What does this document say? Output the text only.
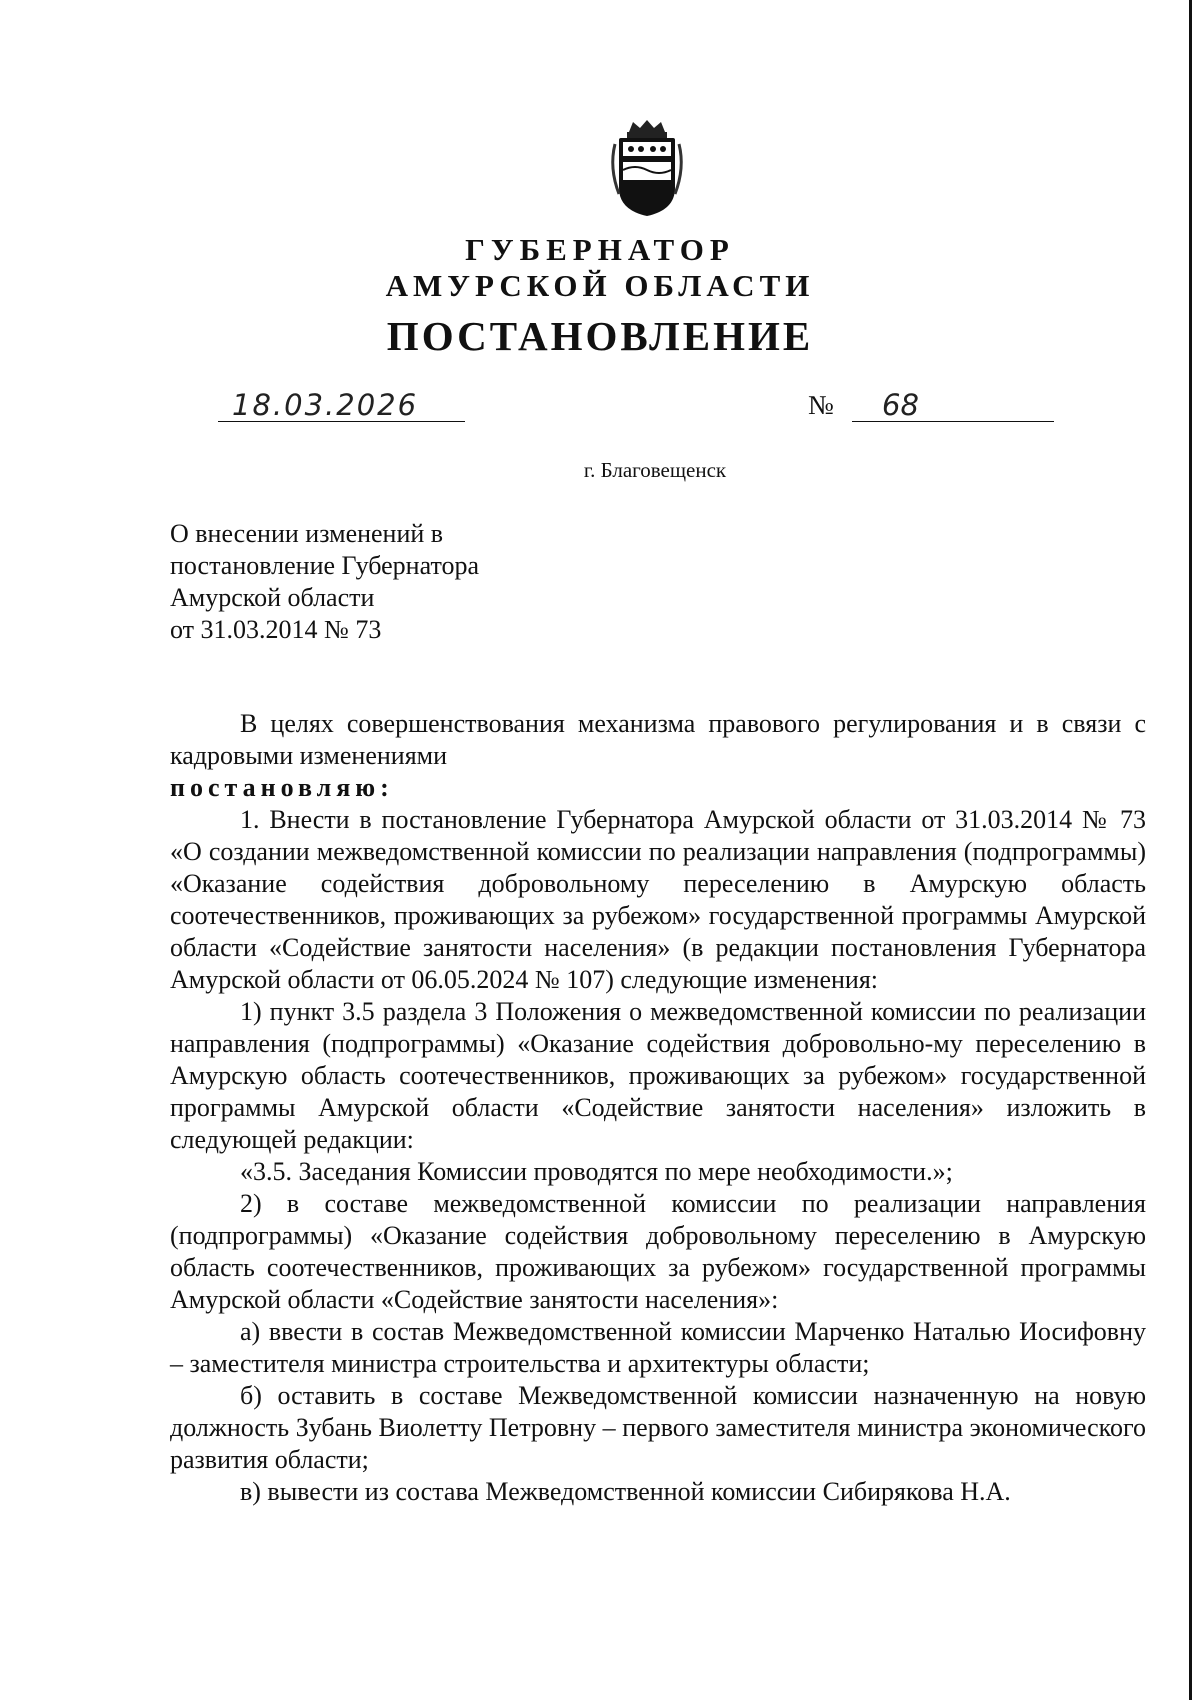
ГУБЕРНАТОР
АМУРСКОЙ ОБЛАСТИ
ПОСТАНОВЛЕНИЕ
18.03.2026	№	68
г. Благовещенск
О внесении изменений в
постановление Губернатора
Амурской области
от 31.03.2014 № 73

В целях совершенствования механизма правового регулирования и в связи с кадровыми изменениями

постановляю:

1. Внести в постановление Губернатора Амурской области от 31.03.2014 № 73 «О создании межведомственной комиссии по реализации направления (подпрограммы) «Оказание содействия добровольному переселению в Амурскую область соотечественников, проживающих за рубежом» государственной программы Амурской области «Содействие занятости населения» (в редакции постановления Губернатора Амурской области от 06.05.2024 № 107) следующие изменения:

1) пункт 3.5 раздела 3 Положения о межведомственной комиссии по реализации направления (подпрограммы) «Оказание содействия добровольно-му переселению в Амурскую область соотечественников, проживающих за рубежом» государственной программы Амурской области «Содействие занятости населения» изложить в следующей редакции:

«3.5. Заседания Комиссии проводятся по мере необходимости.»;

2) в составе межведомственной комиссии по реализации направления (подпрограммы) «Оказание содействия добровольному переселению в Амурскую область соотечественников, проживающих за рубежом» государственной программы Амурской области «Содействие занятости населения»:

а) ввести в состав Межведомственной комиссии Марченко Наталью Иосифовну – заместителя министра строительства и архитектуры области;

б) оставить в составе Межведомственной комиссии назначенную на новую должность Зубань Виолетту Петровну – первого заместителя министра экономического развития области;

в) вывести из состава Межведомственной комиссии Сибирякова Н.А.
